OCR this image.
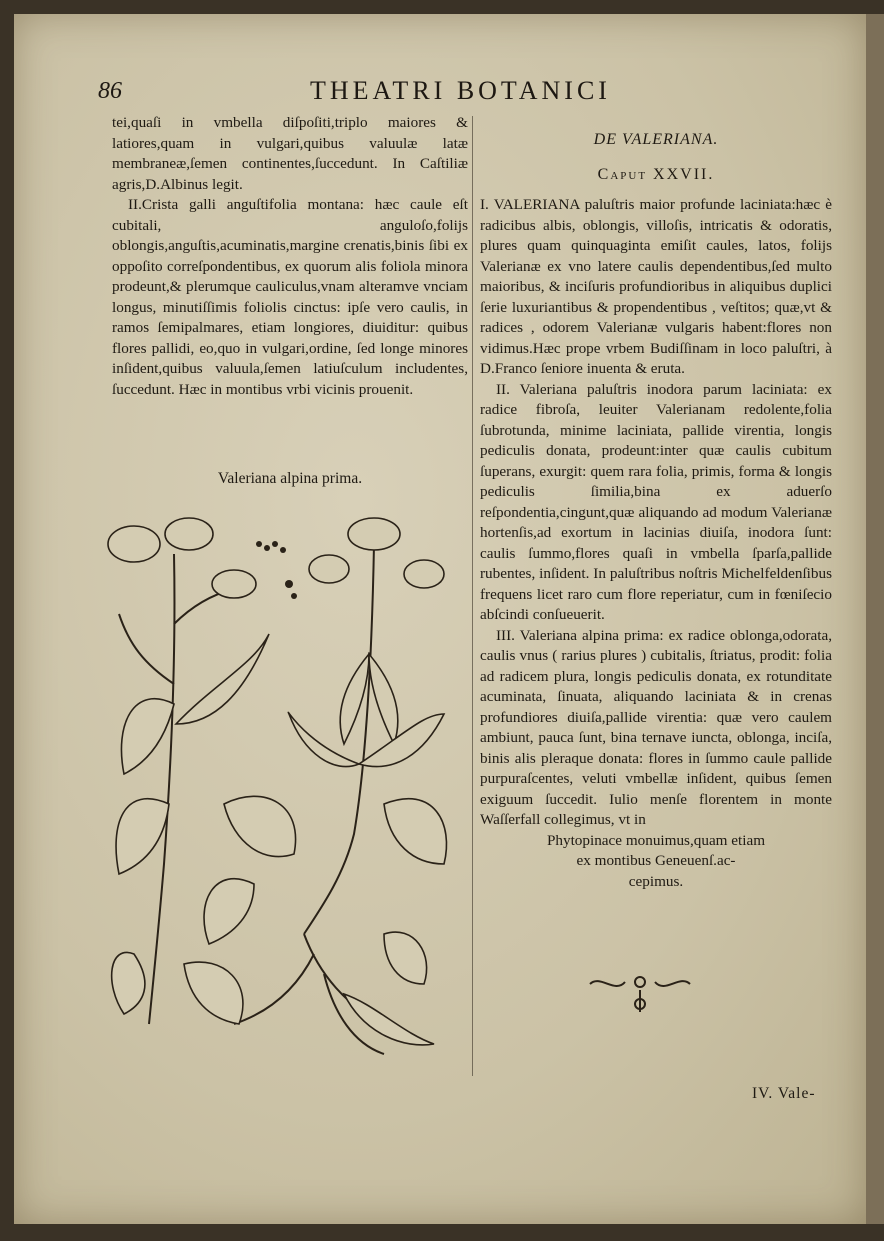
86	THEATRI BOTANICI

tei,quaſi in vmbella diſpoſiti,triplo maiores & latiores,quam in vulgari,quibus valuulæ latæ membraneæ,ſemen continentes,ſuccedunt. In Caſtiliæ agris,D.Albinus legit.

II.Crista galli anguſtifolia montana: hæc caule eſt cubitali, anguloſo,folijs oblongis,anguſtis,acuminatis,margine crenatis,binis ſibi ex oppoſito correſpondentibus, ex quorum alis foliola minora prodeunt,& plerumque cauliculus,vnam alteramve vnciam longus, minutiſſimis foliolis cinctus: ipſe vero caulis, in ramos ſemipalmares, etiam longiores, diuiditur: quibus flores pallidi, eo,quo in vulgari,ordine, ſed longe minores inſident,quibus valuula,ſemen latiuſculum includentes, ſuccedunt. Hæc in montibus vrbi vicinis prouenit.

Valeriana alpina prima.

DE VALERIANA.

Caput XXVII.

I. VALERIANA paluſtris maior profunde laciniata:hæc è radicibus albis, oblongis, villoſis, intricatis & odoratis, plures quam quinquaginta emiſit caules, latos, folijs Valerianæ ex vno latere caulis dependentibus,ſed multo maioribus, & inciſuris profundioribus in aliquibus duplici ſerie luxuriantibus & propendentibus , veſtitos; quæ,vt & radices , odorem Valerianæ vulgaris habent:flores non vidimus.Hæc prope vrbem Budiſſinam in loco paluſtri, à D.Franco ſeniore inuenta & eruta.

II. Valeriana paluſtris inodora parum laciniata: ex radice fibroſa, leuiter Valerianam redolente,folia ſubrotunda, minime laciniata, pallide virentia, longis pediculis donata, prodeunt:inter quæ caulis cubitum ſuperans, exurgit: quem rara folia, primis, forma & longis pediculis ſimilia,bina ex aduerſo reſpondentia,cingunt,quæ aliquando ad modum Valerianæ hortenſis,ad exortum in lacinias diuiſa, inodora ſunt: caulis ſummo,flores quaſi in vmbella ſparſa,pallide rubentes, inſident. In paluſtribus noſtris Michelfeldenſibus frequens licet raro cum flore reperiatur, cum in fœniſecio abſcindi conſueuerit.

III. Valeriana alpina prima: ex radice oblonga,odorata, caulis vnus ( rarius plures ) cubitalis, ſtriatus, prodit: folia ad radicem plura, longis pediculis donata, ex rotunditate acuminata, ſinuata, aliquando laciniata & in crenas profundiores diuiſa,pallide virentia: quæ vero caulem ambiunt, pauca ſunt, bina ternave iuncta, oblonga, inciſa, binis alis pleraque donata: flores in ſummo caule pallide purpuraſcentes, veluti vmbellæ inſident, quibus ſemen exiguum ſuccedit. Iulio menſe florentem in monte Waſſerfall collegimus, vt in

Phytopinace monuimus,quam etiam

ex montibus Geneuenſ.ac-

cepimus.

IV. Vale-
